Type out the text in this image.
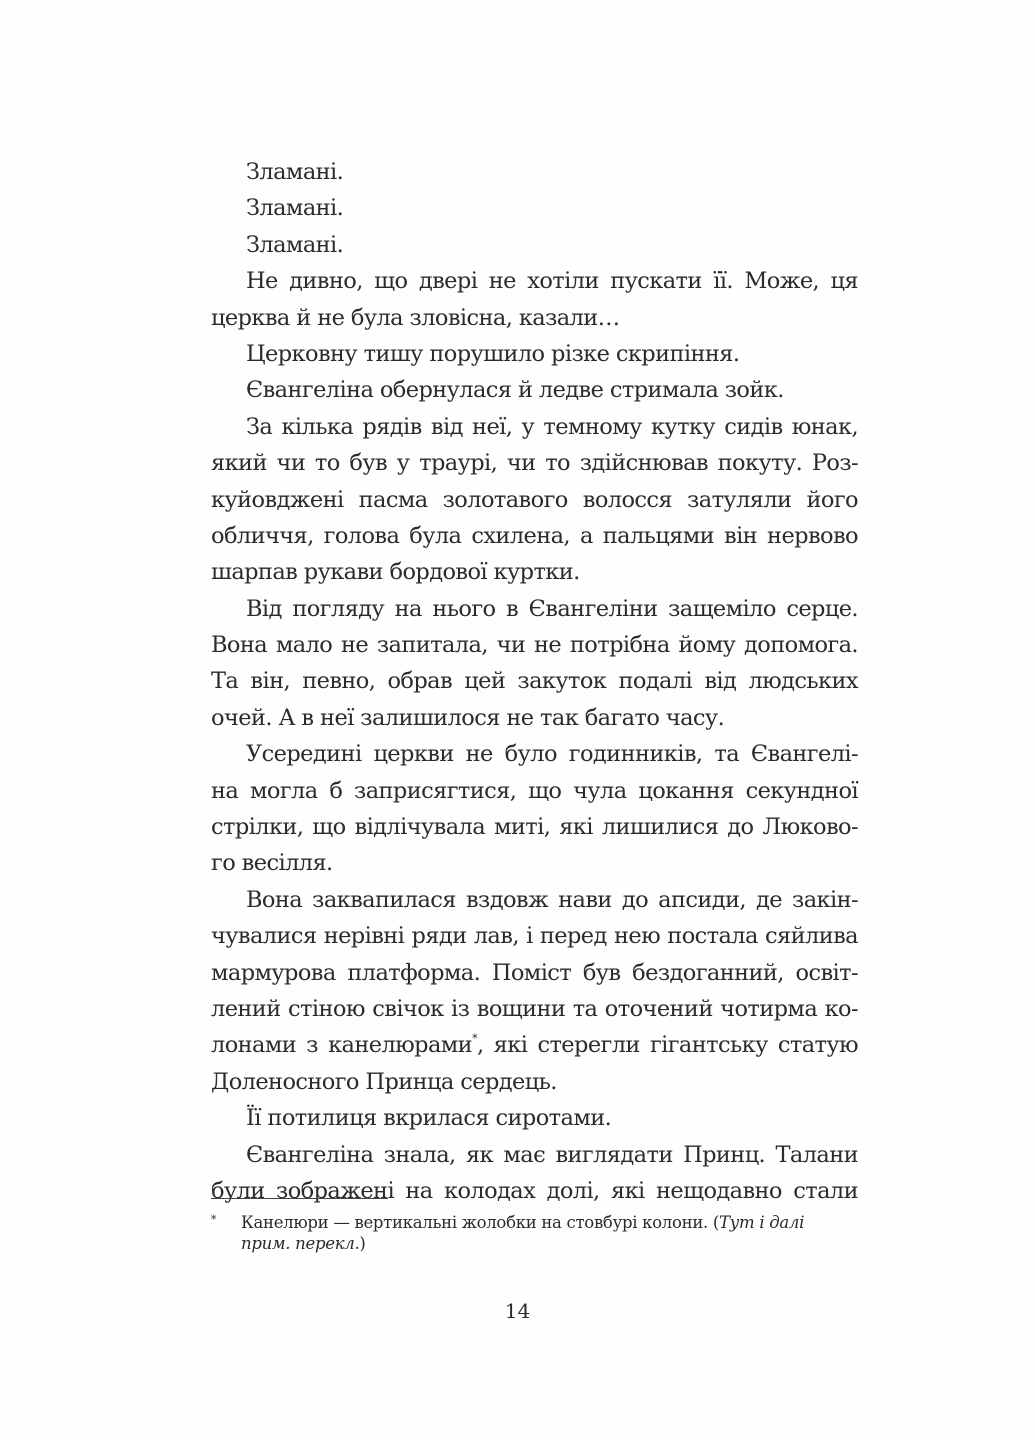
Зламані.
Зламані.
Зламані.
Не дивно, що двері не хотіли пускати її. Може, ця
церква й не була зловісна, казали…
Церковну тишу порушило різке скрипіння.
Євангеліна обернулася й ледве стримала зойк.
За кілька рядів від неї, у темному кутку сидів юнак,
який чи то був у траурі, чи то здійснював покуту. Роз-
куйовджені пасма золотавого волосся затуляли його
обличчя, голова була схилена, а пальцями він нервово
шарпав рукави бордової куртки.
Від погляду на нього в Євангеліни защеміло серце.
Вона мало не запитала, чи не потрібна йому допомога.
Та він, певно, обрав цей закуток подалі від людських
очей. А в неї залишилося не так багато часу.
Усередині церкви не було годинників, та Євангелі-
на могла б заприсягтися, що чула цокання секундної
стрілки, що відлічувала миті, які лишилися до Люково-
го весілля.
Вона заквапилася вздовж нави до апсиди, де закін-
чувалися нерівні ряди лав, і перед нею постала сяйлива
мармурова платформа. Поміст був бездоганний, освіт-
лений стіною свічок із вощини та оточений чотирма ко-
лонами з канелюрами*, які стерегли гігантську статую
Доленосного Принца сердець.
Її потилиця вкрилася сиротами.
Євангеліна знала, як має виглядати Принц. Талани
були зображені на колодах долі, які нещодавно стали
* Канелюри — вертикальні жолобки на стовбурі колони. (Тут і далі прим. перекл.)
14
